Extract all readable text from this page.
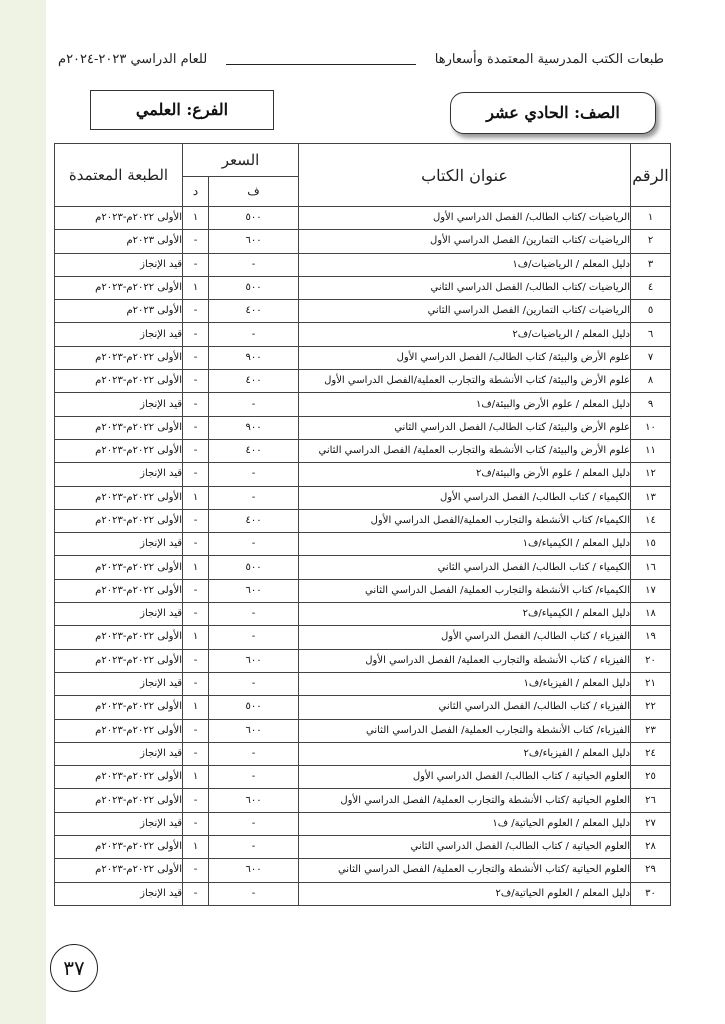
طبعات الكتب المدرسية المعتمدة وأسعارها
للعام الدراسي ٢٠٢٣-٢٠٢٤م
الصف: الحادي عشر
الفرع: العلمي
الرقم	عنوان الكتاب	السعر		الطبعة المعتمدة
		ف	د	
١	الرياضيات /كتاب الطالب/ الفصل الدراسي الأول	٥٠٠	١	الأولى ٢٠٢٢م-٢٠٢٣م
٢	الرياضيات /كتاب التمارين/ الفصل الدراسي الأول	٦٠٠	-	الأولى ٢٠٢٣م
٣	دليل المعلم / الرياضيات/ف١	-	-	قيد الإنجاز
٤	الرياضيات /كتاب الطالب/ الفصل الدراسي الثاني	٥٠٠	١	الأولى ٢٠٢٢م-٢٠٢٣م
٥	الرياضيات /كتاب التمارين/ الفصل الدراسي الثاني	٤٠٠	-	الأولى ٢٠٢٣م
٦	دليل المعلم / الرياضيات/ف٢	-	-	قيد الإنجاز
٧	علوم الأرض والبيئة/ كتاب الطالب/ الفصل الدراسي الأول	٩٠٠	-	الأولى ٢٠٢٢م-٢٠٢٣م
٨	علوم الأرض والبيئة/ كتاب الأنشطة والتجارب العملية/الفصل الدراسي الأول	٤٠٠	-	الأولى ٢٠٢٢م-٢٠٢٣م
٩	دليل المعلم / علوم الأرض والبيئة/ف١	-	-	قيد الإنجاز
١٠	علوم الأرض والبيئة/ كتاب الطالب/ الفصل الدراسي الثاني	٩٠٠	-	الأولى ٢٠٢٢م-٢٠٢٣م
١١	علوم الأرض والبيئة/ كتاب الأنشطة والتجارب العملية/ الفصل الدراسي الثاني	٤٠٠	-	الأولى ٢٠٢٢م-٢٠٢٣م
١٢	دليل المعلم / علوم الأرض والبيئة/ف٢	-	-	قيد الإنجاز
١٣	الكيمياء / كتاب الطالب/ الفصل الدراسي الأول	-	١	الأولى ٢٠٢٢م-٢٠٢٣م
١٤	الكيمياء/ كتاب الأنشطة والتجارب العملية/الفصل الدراسي الأول	٤٠٠	-	الأولى ٢٠٢٢م-٢٠٢٣م
١٥	دليل المعلم / الكيمياء/ف١	-	-	قيد الإنجاز
١٦	الكيمياء / كتاب الطالب/ الفصل الدراسي الثاني	٥٠٠	١	الأولى ٢٠٢٢م-٢٠٢٣م
١٧	الكيمياء/ كتاب الأنشطة والتجارب العملية/ الفصل الدراسي الثاني	٦٠٠	-	الأولى ٢٠٢٢م-٢٠٢٣م
١٨	دليل المعلم / الكيمياء/ف٢	-	-	قيد الإنجاز
١٩	الفيزياء / كتاب الطالب/ الفصل الدراسي الأول	-	١	الأولى ٢٠٢٢م-٢٠٢٣م
٢٠	الفيزياء / كتاب الأنشطة والتجارب العملية/ الفصل الدراسي الأول	٦٠٠	-	الأولى ٢٠٢٢م-٢٠٢٣م
٢١	دليل المعلم / الفيزياء/ف١	-	-	قيد الإنجاز
٢٢	الفيزياء / كتاب الطالب/ الفصل الدراسي الثاني	٥٠٠	١	الأولى ٢٠٢٢م-٢٠٢٣م
٢٣	الفيزياء/ كتاب الأنشطة والتجارب العملية/ الفصل الدراسي الثاني	٦٠٠	-	الأولى ٢٠٢٢م-٢٠٢٣م
٢٤	دليل المعلم / الفيزياء/ف٢	-	-	قيد الإنجاز
٢٥	العلوم الحياتية / كتاب الطالب/ الفصل الدراسي الأول	-	١	الأولى ٢٠٢٢م-٢٠٢٣م
٢٦	العلوم الحياتية /كتاب الأنشطة والتجارب العملية/ الفصل الدراسي الأول	٦٠٠	-	الأولى ٢٠٢٢م-٢٠٢٣م
٢٧	دليل المعلم / العلوم الحياتية/ ف١	-	-	قيد الإنجاز
٢٨	العلوم الحياتية / كتاب الطالب/ الفصل الدراسي الثاني	-	١	الأولى ٢٠٢٢م-٢٠٢٣م
٢٩	العلوم الحياتية /كتاب الأنشطة والتجارب العملية/ الفصل الدراسي الثاني	٦٠٠	-	الأولى ٢٠٢٢م-٢٠٢٣م
٣٠	دليل المعلم / العلوم الحياتية/ف٢	-	-	قيد الإنجاز
٣٧
